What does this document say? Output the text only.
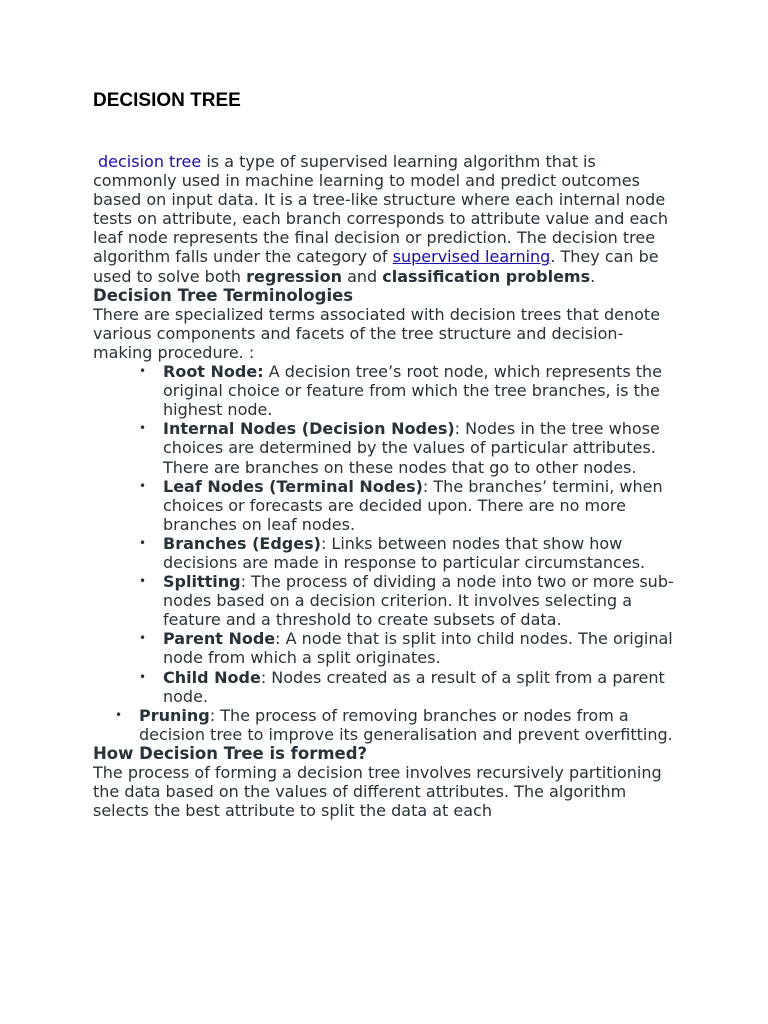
DECISION TREE

decision tree is a type of supervised learning algorithm that is commonly used in machine learning to model and predict outcomes based on input data. It is a tree-like structure where each internal node tests on attribute, each branch corresponds to attribute value and each leaf node represents the final decision or prediction. The decision tree algorithm falls under the category of supervised learning. They can be used to solve both regression and classification problems.

Decision Tree Terminologies

There are specialized terms associated with decision trees that denote various components and facets of the tree structure and decision-making procedure. :

• Root Node: A decision tree’s root node, which represents the original choice or feature from which the tree branches, is the highest node.
• Internal Nodes (Decision Nodes): Nodes in the tree whose choices are determined by the values of particular attributes. There are branches on these nodes that go to other nodes.
• Leaf Nodes (Terminal Nodes): The branches’ termini, when choices or forecasts are decided upon. There are no more branches on leaf nodes.
• Branches (Edges): Links between nodes that show how decisions are made in response to particular circumstances.
• Splitting: The process of dividing a node into two or more sub-nodes based on a decision criterion. It involves selecting a feature and a threshold to create subsets of data.
• Parent Node: A node that is split into child nodes. The original node from which a split originates.
• Child Node: Nodes created as a result of a split from a parent node.
• Pruning: The process of removing branches or nodes from a decision tree to improve its generalisation and prevent overfitting.
How Decision Tree is formed?

The process of forming a decision tree involves recursively partitioning the data based on the values of different attributes. The algorithm selects the best attribute to split the data at each
